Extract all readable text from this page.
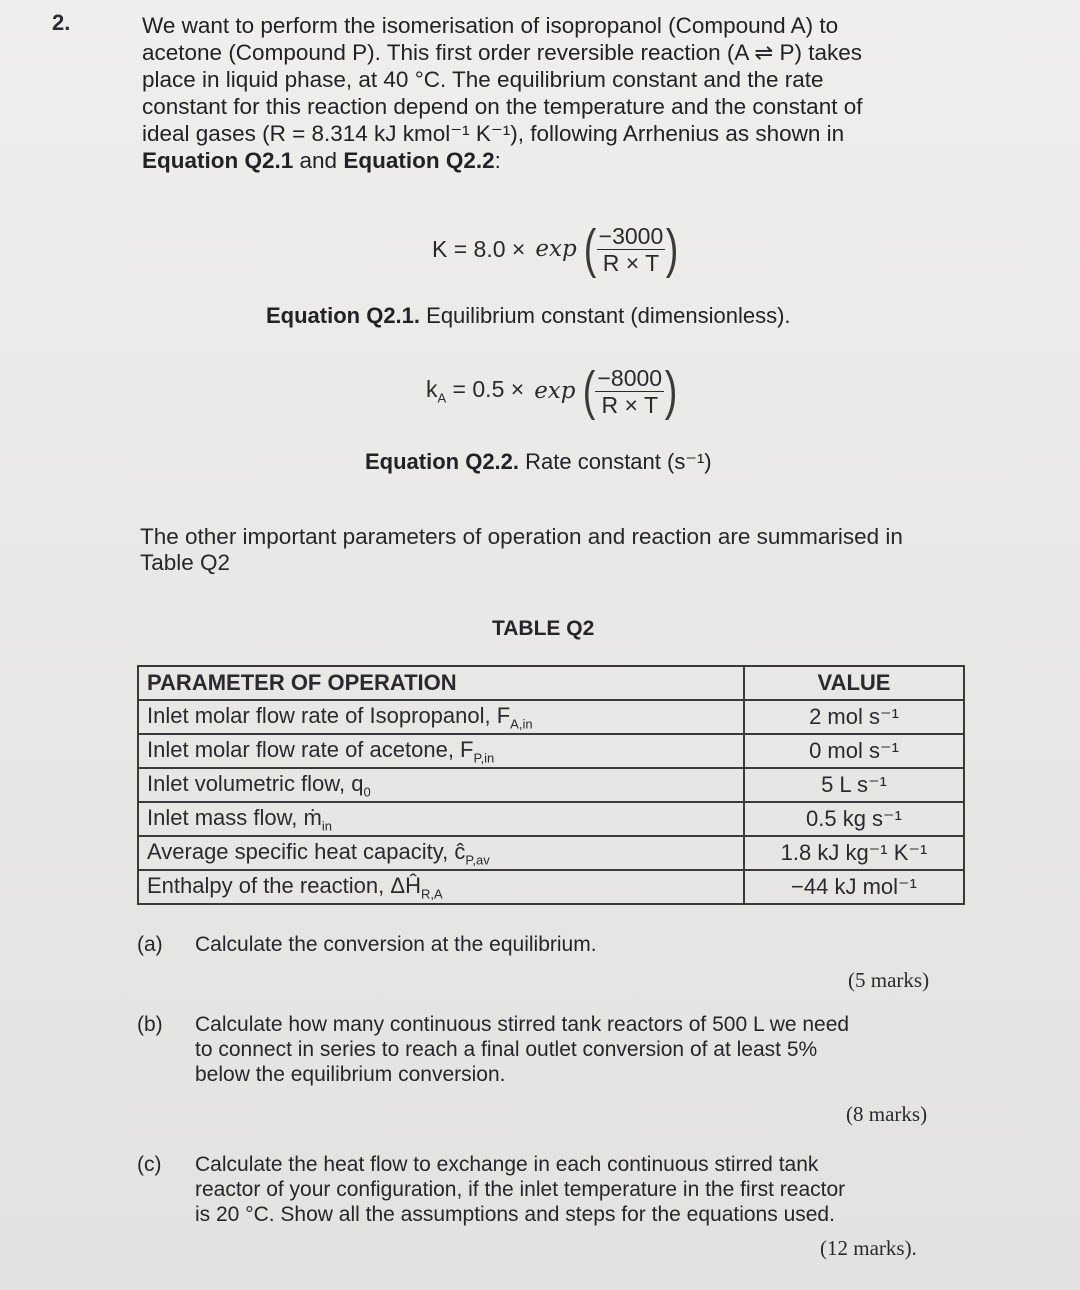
2.	We want to perform the isomerisation of isopropanol (Compound A) to
acetone (Compound P). This first order reversible reaction (A ⇌ P) takes
place in liquid phase, at 40 °C. The equilibrium constant and the rate
constant for this reaction depend on the temperature and the constant of
ideal gases (R = 8.314 kJ kmol⁻¹ K⁻¹), following Arrhenius as shown in
Equation Q2.1 and Equation Q2.2:
K = 8.0 × exp ( $\frac{-3000}{R \times T}$ )
Equation Q2.1. Equilibrium constant (dimensionless).
$k_A = 0.5 \times \exp$ ( $\frac{-8000}{R \times T}$ )
Equation Q2.2. Rate constant (s⁻¹)
The other important parameters of operation and reaction are summarised in
Table Q2
TABLE Q2
PARAMETER OF OPERATION	VALUE
Inlet molar flow rate of Isopropanol, $F_{A,in}$	2 mol s⁻¹
Inlet molar flow rate of acetone, $F_{P,in}$	0 mol s⁻¹
Inlet volumetric flow, $q_0$	5 L s⁻¹
Inlet mass flow, ṁ$_{in}$	0.5 kg s⁻¹
Average specific heat capacity, $ĉ_{P,av}$	1.8 kJ kg⁻¹ K⁻¹
Enthalpy of the reaction, $\Delta Ĥ_{R,A}$	−44 kJ mol⁻¹
(a)	Calculate the conversion at the equilibrium.
(5 marks)
(b)	Calculate how many continuous stirred tank reactors of 500 L we need
to connect in series to reach a final outlet conversion of at least 5%
below the equilibrium conversion.
(8 marks)
(c)	Calculate the heat flow to exchange in each continuous stirred tank
reactor of your configuration, if the inlet temperature in the first reactor
is 20 °C. Show all the assumptions and steps for the equations used.
(12 marks).
